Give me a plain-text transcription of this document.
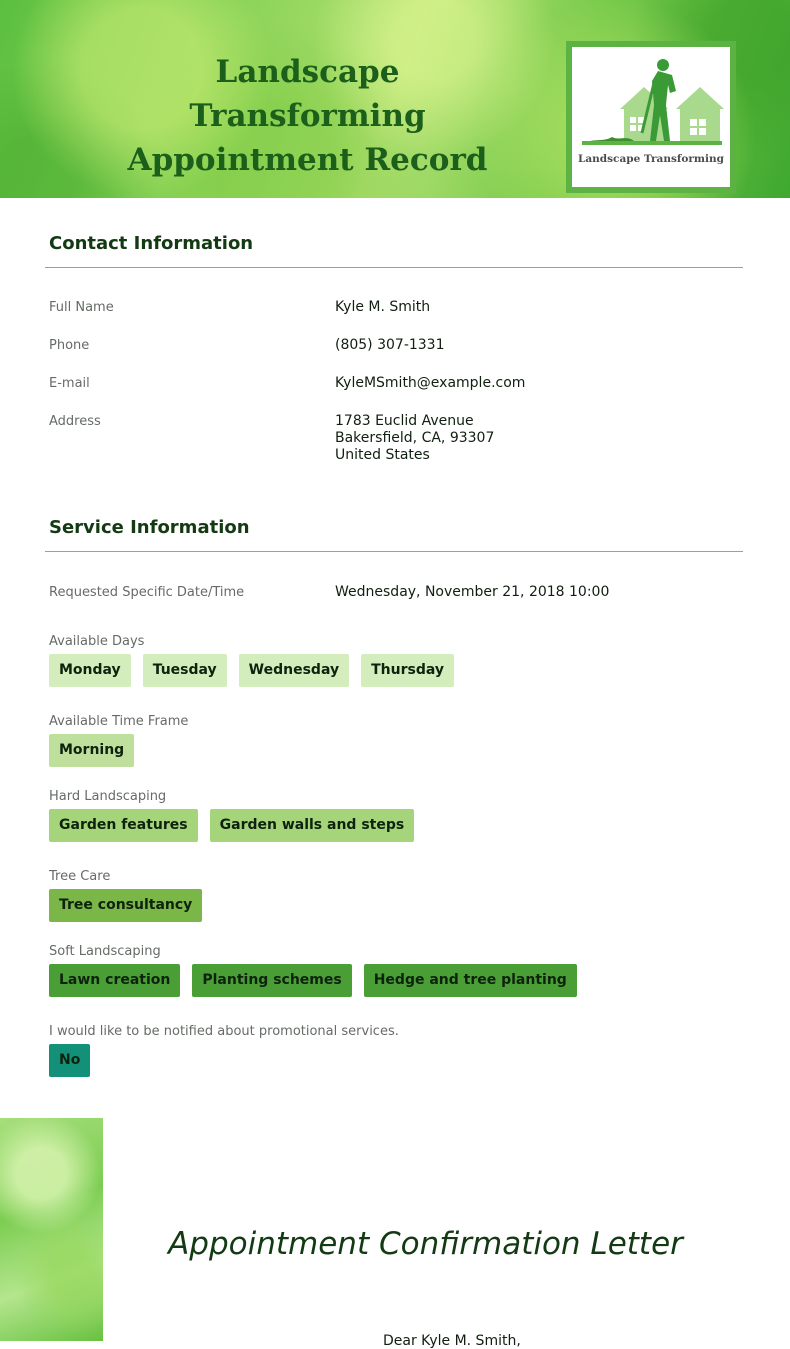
Landscape Transforming
Appointment Record	Landscape Transforming
Contact Information
Full Name	Kyle M. Smith
Phone	(805) 307-1331
E-mail	KyleMSmith@example.com
Address	1783 Euclid Avenue
Bakersfield, CA, 93307
United States
Service Information
Requested Specific Date/Time	Wednesday, November 21, 2018 10:00
Available Days
Monday	Tuesday	Wednesday	Thursday
Available Time Frame
Morning
Hard Landscaping
Garden features	Garden walls and steps
Tree Care
Tree consultancy
Soft Landscaping
Lawn creation	Planting schemes	Hedge and tree planting
I would like to be notified about promotional services.
No
Appointment Confirmation Letter
Dear Kyle M. Smith,
